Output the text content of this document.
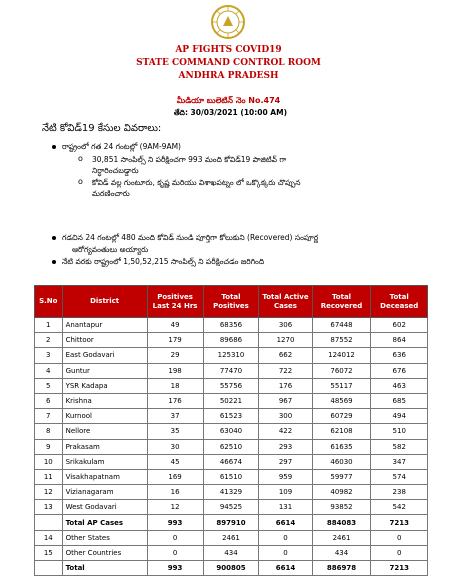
AP FIGHTS COVID19
STATE COMMAND CONTROL ROOM
ANDHRA PRADESH
మీడియా బులెటిన్ నెం No.474
తేది: 30/03/2021 (10:00 AM)
నేటి కోవిడ్19 కేసుల వివరాలు:
రాష్ట్రంలో గత 24 గంటల్లో (9AM-9AM)
o 30,851 సాంపిల్స్ ని పరీక్షించగా 993 మంది కోవిడ్19 పాజిటివ్ గా
నిర్ధారించబడ్డారు
o కోవిడ్ వల్ల గుంటూరు, కృష్ణ మరియు విశాఖపట్నం లో ఒక్కొక్కరు చొప్పున
మరణించారు
గడచిన 24 గంటల్లో 480 మంది కోవిడ్ నుండి పూర్తిగా కోలుకుని (Recovered) సంపూర్ణ
ఆరోగ్యవంతులు అయ్యారు
నేటి వరకు రాష్ట్రంలో 1,50,52,215 సాంపిల్స్ ని పరీక్షించడం జరిగింది
S.No	District	Positives Last 24 Hrs	Total Positives	Total Active Cases	Total Recovered	Total Deceased
1	Anantapur	49	68356	306	67448	602
2	Chittoor	179	89686	1270	87552	864
3	East Godavari	29	125310	662	124012	636
4	Guntur	198	77470	722	76072	676
5	YSR Kadapa	18	55756	176	55117	463
6	Krishna	176	50221	967	48569	685
7	Kurnool	37	61523	300	60729	494
8	Nellore	35	63040	422	62108	510
9	Prakasam	30	62510	293	61635	582
10	Srikakulam	45	46674	297	46030	347
11	Visakhapatnam	169	61510	959	59977	574
12	Vizianagaram	16	41329	109	40982	238
13	West Godavari	12	94525	131	93852	542
	Total AP Cases	993	897910	6614	884083	7213
14	Other States	0	2461	0	2461	0
15	Other Countries	0	434	0	434	0
	Total	993	900805	6614	886978	7213
